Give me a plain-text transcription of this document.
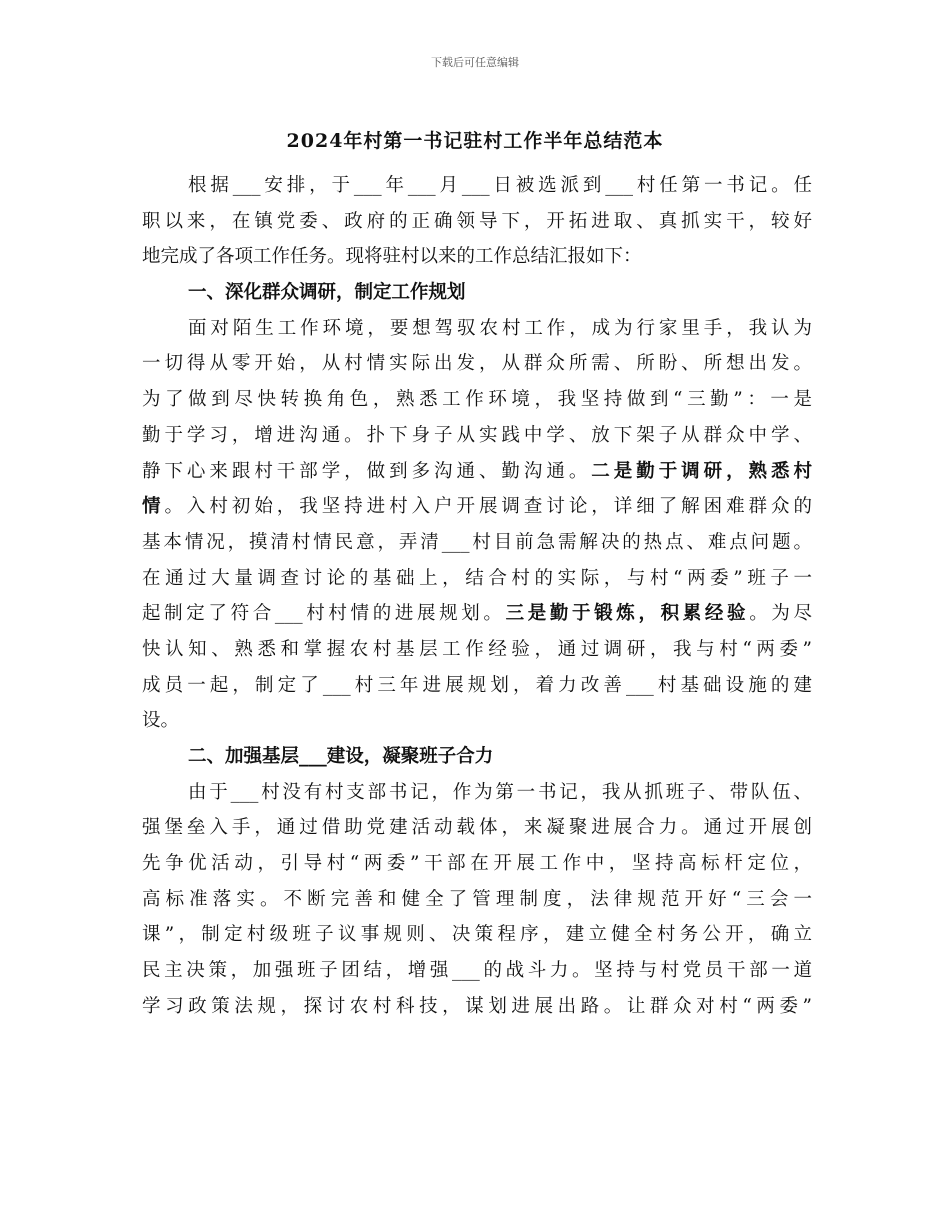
下载后可任意编辑
2024年村第一书记驻村工作半年总结范本
根据___安排，于___年___月___日被选派到___村任第一书记。任
职以来，在镇党委、政府的正确领导下，开拓进取、真抓实干，较好
地完成了各项工作任务。现将驻村以来的工作总结汇报如下：
一、深化群众调研，制定工作规划
面对陌生工作环境，要想驾驭农村工作，成为行家里手，我认为
一切得从零开始，从村情实际出发，从群众所需、所盼、所想出发。
为了做到尽快转换角色，熟悉工作环境，我坚持做到“三勤”：一是
勤于学习，增进沟通。扑下身子从实践中学、放下架子从群众中学、
静下心来跟村干部学，做到多沟通、勤沟通。二是勤于调研，熟悉村
情。入村初始，我坚持进村入户开展调查讨论，详细了解困难群众的
基本情况，摸清村情民意，弄清___村目前急需解决的热点、难点问题。
在通过大量调查讨论的基础上，结合村的实际，与村“两委”班子一
起制定了符合___村村情的进展规划。三是勤于锻炼，积累经验。为尽
快认知、熟悉和掌握农村基层工作经验，通过调研，我与村“两委”
成员一起，制定了___村三年进展规划，着力改善___村基础设施的建
设。
二、加强基层___建设，凝聚班子合力
由于___村没有村支部书记，作为第一书记，我从抓班子、带队伍、
强堡垒入手，通过借助党建活动载体，来凝聚进展合力。通过开展创
先争优活动，引导村“两委”干部在开展工作中，坚持高标杆定位，
高标准落实。不断完善和健全了管理制度，法律规范开好“三会一
课”，制定村级班子议事规则、决策程序，建立健全村务公开，确立
民主决策，加强班子团结，增强___的战斗力。坚持与村党员干部一道
学习政策法规，探讨农村科技，谋划进展出路。让群众对村“两委”
